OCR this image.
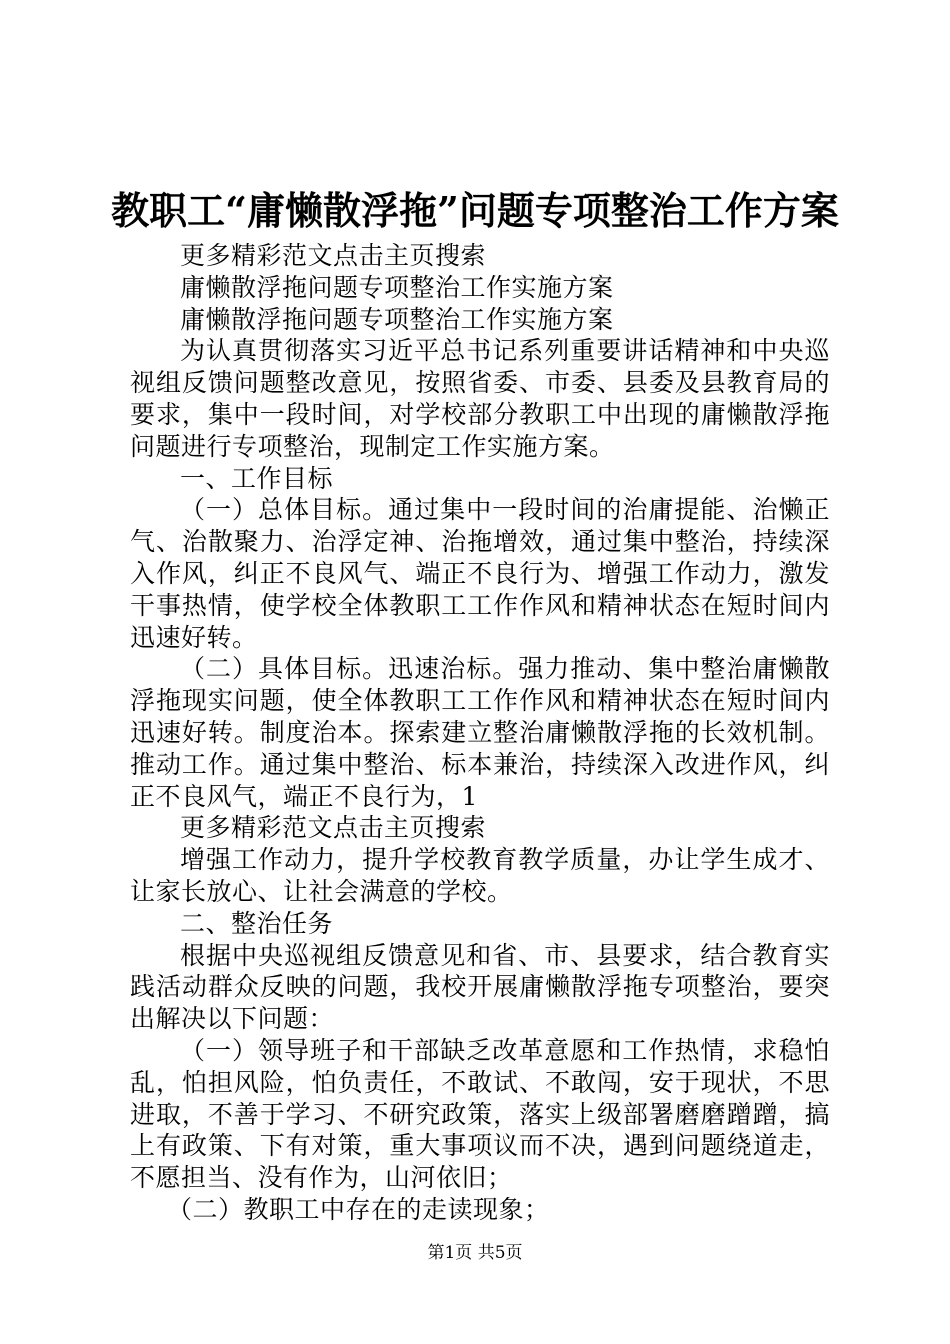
教职工“庸懒散浮拖”问题专项整治工作方案

更多精彩范文点击主页搜索

庸懒散浮拖问题专项整治工作实施方案

庸懒散浮拖问题专项整治工作实施方案

为认真贯彻落实习近平总书记系列重要讲话精神和中央巡视组反馈问题整改意见，按照省委、市委、县委及县教育局的要求，集中一段时间，对学校部分教职工中出现的庸懒散浮拖问题进行专项整治，现制定工作实施方案。

一、工作目标

（一）总体目标。通过集中一段时间的治庸提能、治懒正气、治散聚力、治浮定神、治拖增效，通过集中整治，持续深入作风，纠正不良风气、端正不良行为、增强工作动力，激发干事热情，使学校全体教职工工作作风和精神状态在短时间内迅速好转。

（二）具体目标。迅速治标。强力推动、集中整治庸懒散浮拖现实问题，使全体教职工工作作风和精神状态在短时间内迅速好转。制度治本。探索建立整治庸懒散浮拖的长效机制。推动工作。通过集中整治、标本兼治，持续深入改进作风，纠正不良风气，端正不良行为，1

更多精彩范文点击主页搜索

增强工作动力，提升学校教育教学质量，办让学生成才、让家长放心、让社会满意的学校。

二、整治任务

根据中央巡视组反馈意见和省、市、县要求，结合教育实践活动群众反映的问题，我校开展庸懒散浮拖专项整治，要突出解决以下问题：

（一）领导班子和干部缺乏改革意愿和工作热情，求稳怕乱，怕担风险，怕负责任，不敢试、不敢闯，安于现状，不思进取，不善于学习、不研究政策，落实上级部署磨磨蹭蹭，搞上有政策、下有对策，重大事项议而不决，遇到问题绕道走，不愿担当、没有作为，山河依旧；

（二）教职工中存在的走读现象；

第1页 共5页
